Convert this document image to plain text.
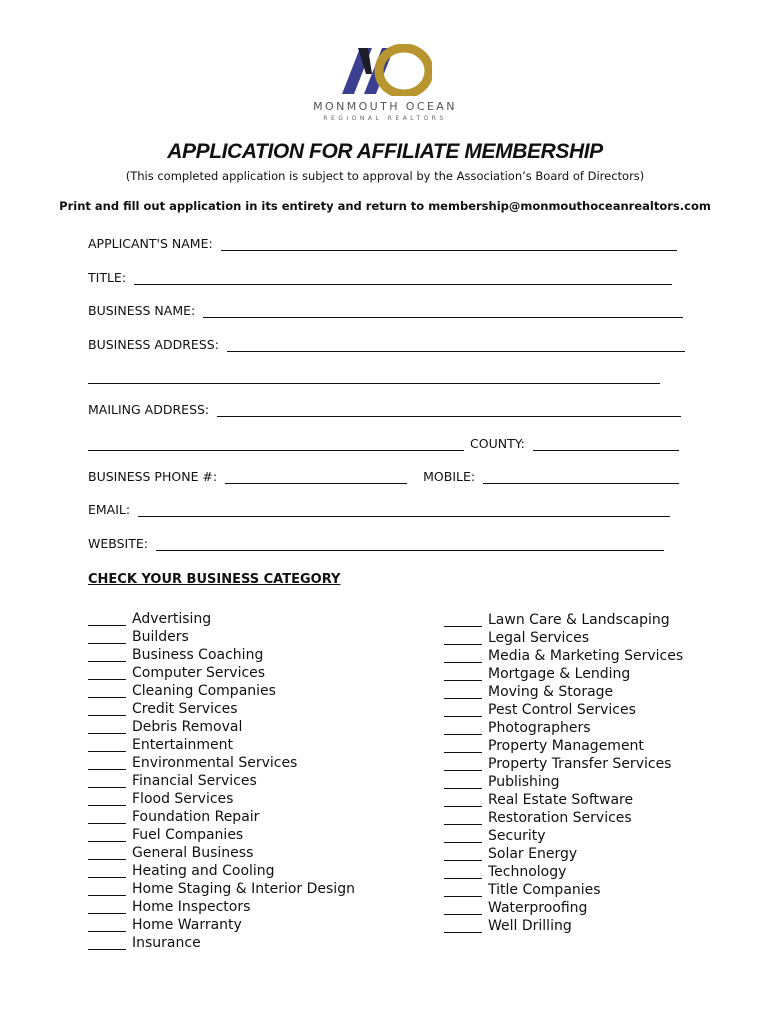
MONMOUTH OCEAN
REGIONAL REALTORS
APPLICATION FOR AFFILIATE MEMBERSHIP
(This completed application is subject to approval by the Association’s Board of Directors)
Print and fill out application in its entirety and return to membership@monmouthoceanrealtors.com
APPLICANT'S NAME:
TITLE:
BUSINESS NAME:
BUSINESS ADDRESS:
MAILING ADDRESS:
COUNTY:
BUSINESS PHONE #:	MOBILE:
EMAIL:
WEBSITE:
CHECK YOUR BUSINESS CATEGORY
Advertising
Builders
Business Coaching
Computer Services
Cleaning Companies
Credit Services
Debris Removal
Entertainment
Environmental Services
Financial Services
Flood Services
Foundation Repair
Fuel Companies
General Business
Heating and Cooling
Home Staging & Interior Design
Home Inspectors
Home Warranty
Insurance
Lawn Care & Landscaping
Legal Services
Media & Marketing Services
Mortgage & Lending
Moving & Storage
Pest Control Services
Photographers
Property Management
Property Transfer Services
Publishing
Real Estate Software
Restoration Services
Security
Solar Energy
Technology
Title Companies
Waterproofing
Well Drilling
